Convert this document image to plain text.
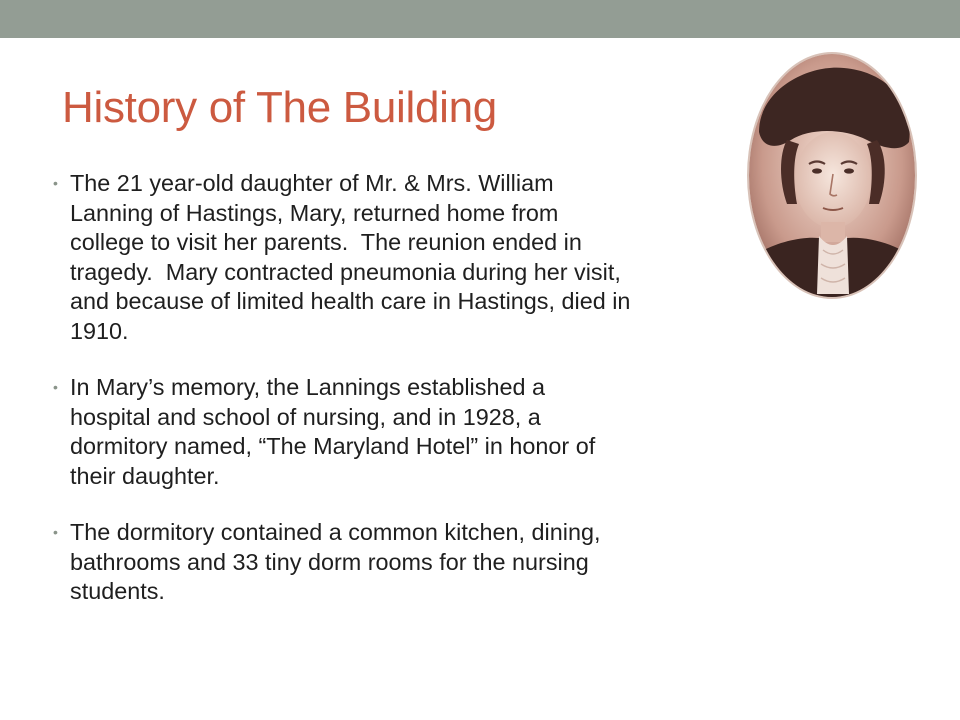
History of The Building
• The 21 year-old daughter of Mr. & Mrs. William
Lanning of Hastings, Mary, returned home from
college to visit her parents.  The reunion ended in
tragedy.  Mary contracted pneumonia during her visit,
and because of limited health care in Hastings, died in
1910.
• In Mary’s memory, the Lannings established a
hospital and school of nursing, and in 1928, a
dormitory named, “The Maryland Hotel” in honor of
their daughter.
• The dormitory contained a common kitchen, dining,
bathrooms and 33 tiny dorm rooms for the nursing
students.
